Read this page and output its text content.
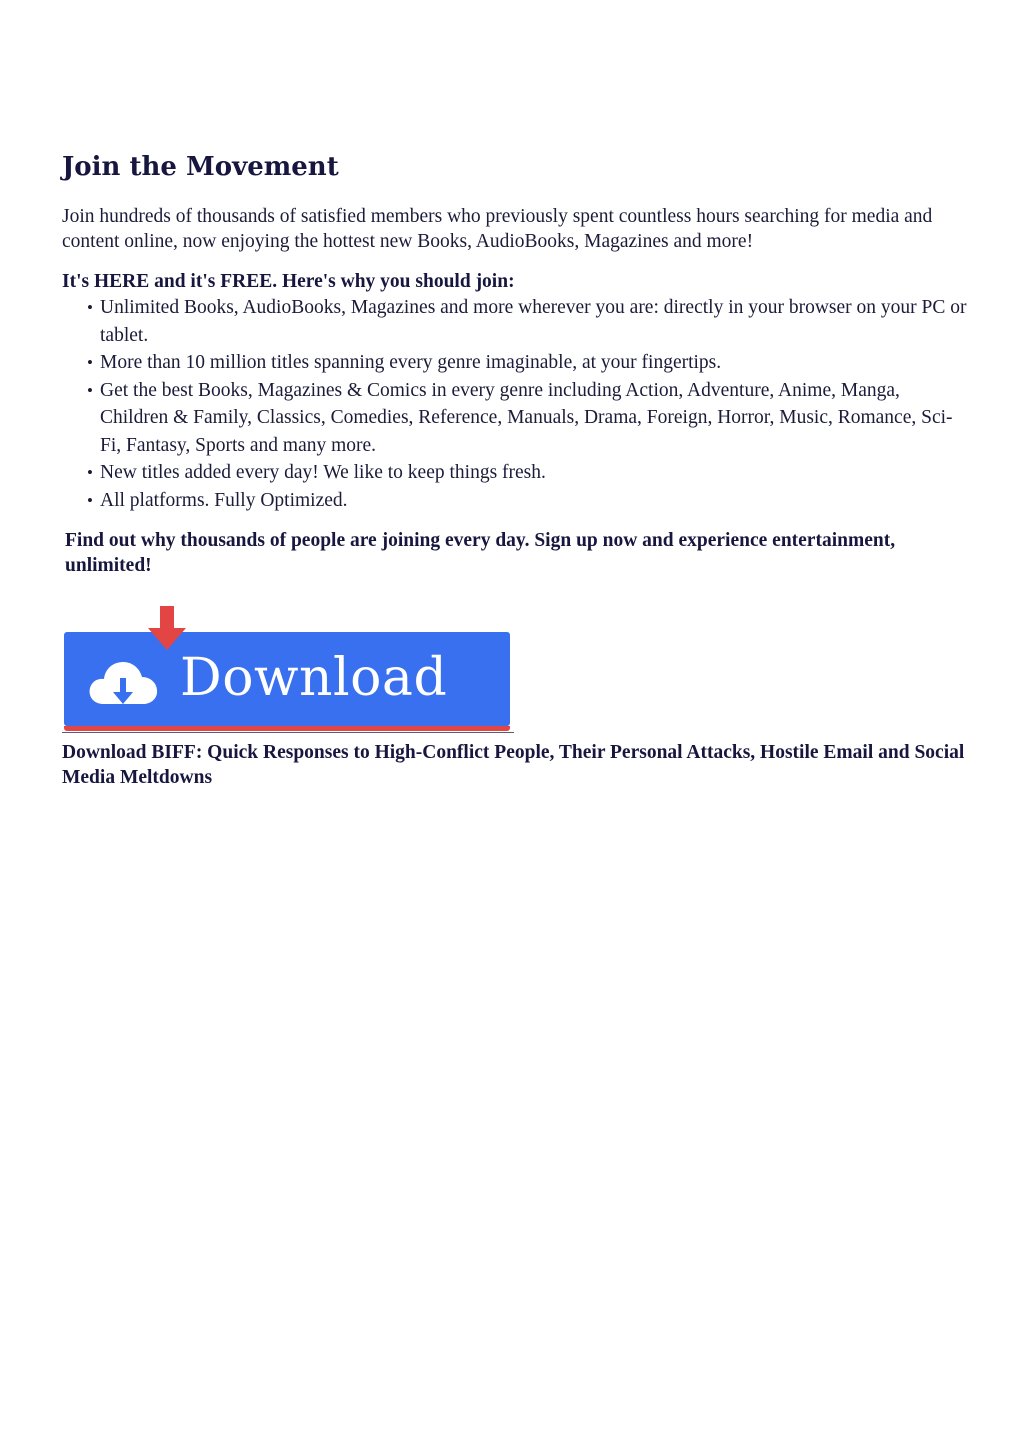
Join the Movement

Join hundreds of thousands of satisfied members who previously spent countless hours searching for media and content online, now enjoying the hottest new Books, AudioBooks, Magazines and more!

It's HERE and it's FREE. Here's why you should join:

• Unlimited Books, AudioBooks, Magazines and more wherever you are: directly in your browser on your PC or tablet.
• More than 10 million titles spanning every genre imaginable, at your fingertips.
• Get the best Books, Magazines & Comics in every genre including Action, Adventure, Anime, Manga, Children & Family, Classics, Comedies, Reference, Manuals, Drama, Foreign, Horror, Music, Romance, Sci-Fi, Fantasy, Sports and many more.
• New titles added every day! We like to keep things fresh.
• All platforms. Fully Optimized.

Find out why thousands of people are joining every day. Sign up now and experience entertainment, unlimited!

Download

Download BIFF: Quick Responses to High-Conflict People, Their Personal Attacks, Hostile Email and Social Media Meltdowns
